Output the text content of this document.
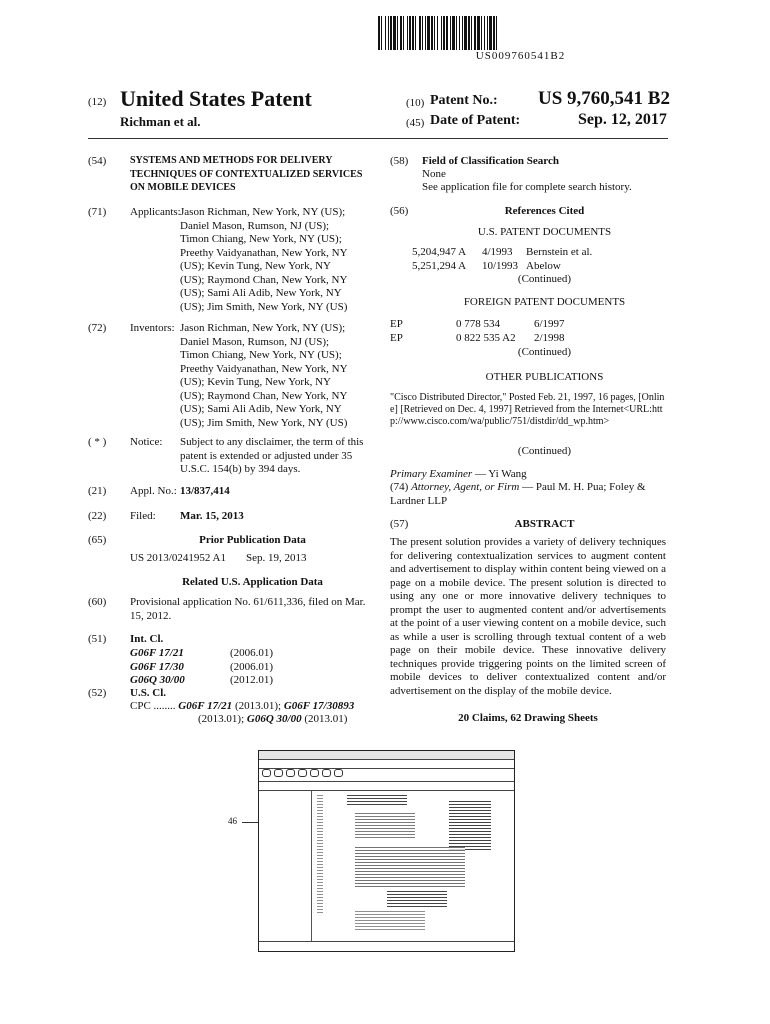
US009760541B2
(12) United States Patent
Richman et al.
(10) Patent No.: US 9,760,541 B2
(45) Date of Patent:	Sep. 12, 2017
(54) SYSTEMS AND METHODS FOR DELIVERY TECHNIQUES OF CONTEXTUALIZED SERVICES ON MOBILE DEVICES
(71) Applicants: Jason Richman, New York, NY (US);
Daniel Mason, Rumson, NJ (US);
Timon Chiang, New York, NY (US);
Preethy Vaidyanathan, New York, NY
(US); Kevin Tung, New York, NY
(US); Raymond Chan, New York, NY
(US); Sami Ali Adib, New York, NY
(US); Jim Smith, New York, NY (US)
(72) Inventors: Jason Richman, New York, NY (US);
Daniel Mason, Rumson, NJ (US);
Timon Chiang, New York, NY (US);
Preethy Vaidyanathan, New York, NY
(US); Kevin Tung, New York, NY
(US); Raymond Chan, New York, NY
(US); Sami Ali Adib, New York, NY
(US); Jim Smith, New York, NY (US)
( * ) Notice: Subject to any disclaimer, the term of this patent is extended or adjusted under 35 U.S.C. 154(b) by 394 days.
(21) Appl. No.: 13/837,414
(22) Filed: Mar. 15, 2013
(65)	Prior Publication Data
US 2013/0241952 A1 Sep. 19, 2013
Related U.S. Application Data
(60) Provisional application No. 61/611,336, filed on Mar. 15, 2012.
(51) Int. Cl.
G06F 17/21	(2006.01)
G06F 17/30	(2006.01)
G06Q 30/00	(2012.01)
(52) U.S. Cl.
CPC ........ G06F 17/21 (2013.01); G06F 17/30893
(2013.01); G06Q 30/00 (2013.01)
(58) Field of Classification Search
None
See application file for complete search history.
(56)	References Cited
U.S. PATENT DOCUMENTS
5,204,947 A	4/1993	Bernstein et al.
5,251,294 A	10/1993 Abelow
(Continued)
FOREIGN PATENT DOCUMENTS
EP	0 778 534	6/1997
EP	0 822 535 A2	2/1998
(Continued)
OTHER PUBLICATIONS
"Cisco Distributed Director," Posted Feb. 21, 1997, 16 pages, [Online] [Retrieved on Dec. 4, 1997] Retrieved from the Internet<URL:http://www.cisco.com/wa/public/751/distdir/dd_wp.htm>
(Continued)
Primary Examiner — Yi Wang
(74) Attorney, Agent, or Firm — Paul M. H. Pua; Foley & Lardner LLP
(57)	ABSTRACT
The present solution provides a variety of delivery techniques for delivering contextualization services to augment content and advertisement to display within content being viewed on a page on a mobile device. The present solution is directed to using any one or more innovative delivery techniques to prompt the user to augmented content and/or advertisements at the point of a user viewing content on a mobile device, such as while a user is scrolling through textual content of a web page on their mobile device. These innovative delivery techniques provide triggering points on the limited screen of mobile devices to deliver contextualized content and/or advertisement on the display of the mobile device.
20 Claims, 62 Drawing Sheets
46
